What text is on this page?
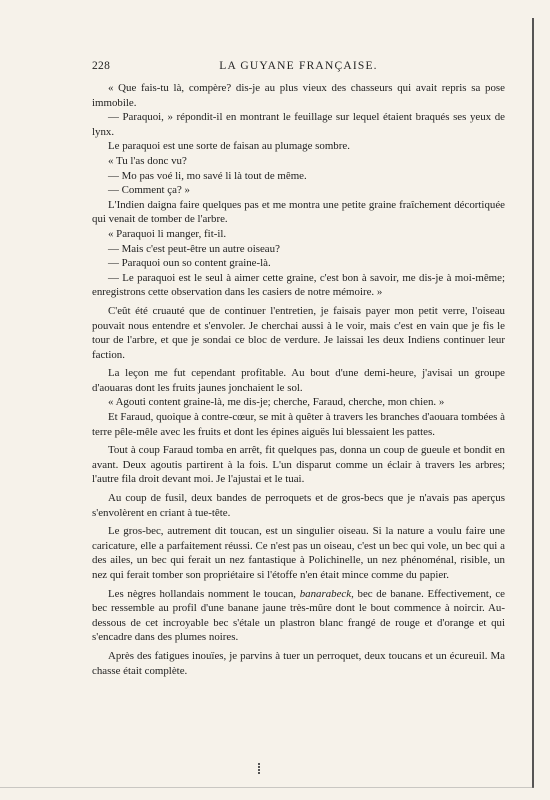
228	LA GUYANE FRANÇAISE.

« Que fais-tu là, compère? dis-je au plus vieux des chasseurs qui avait repris sa pose immobile.

— Paraquoi, » répondit-il en montrant le feuillage sur lequel étaient braqués ses yeux de lynx.

Le paraquoi est une sorte de faisan au plumage sombre.

« Tu l'as donc vu?

— Mo pas voé li, mo savé li là tout de même.

— Comment ça? »

L'Indien daigna faire quelques pas et me montra une petite graine fraîchement décortiquée qui venait de tomber de l'arbre.

« Paraquoi li manger, fit-il.

— Mais c'est peut-être un autre oiseau?

— Paraquoi oun so content graine-là.

— Le paraquoi est le seul à aimer cette graine, c'est bon à savoir, me dis-je à moi-même; enregistrons cette observation dans les casiers de notre mémoire. »

C'eût été cruauté que de continuer l'entretien, je faisais payer mon petit verre, l'oiseau pouvait nous entendre et s'envoler. Je cherchai aussi à le voir, mais c'est en vain que je fis le tour de l'arbre, et que je sondai ce bloc de verdure. Je laissai les deux Indiens continuer leur faction.

La leçon me fut cependant profitable. Au bout d'une demi-heure, j'avisai un groupe d'aouaras dont les fruits jaunes jonchaient le sol.

« Agouti content graine-là, me dis-je; cherche, Faraud, cherche, mon chien. »

Et Faraud, quoique à contre-cœur, se mit à quêter à travers les branches d'aouara tombées à terre pêle-mêle avec les fruits et dont les épines aiguës lui blessaient les pattes.

Tout à coup Faraud tomba en arrêt, fit quelques pas, donna un coup de gueule et bondit en avant. Deux agoutis partirent à la fois. L'un disparut comme un éclair à travers les arbres; l'autre fila droit devant moi. Je l'ajustai et le tuai.

Au coup de fusil, deux bandes de perroquets et de gros-becs que je n'avais pas aperçus s'envolèrent en criant à tue-tête.

Le gros-bec, autrement dit toucan, est un singulier oiseau. Si la nature a voulu faire une caricature, elle a parfaitement réussi. Ce n'est pas un oiseau, c'est un bec qui vole, un bec qui a des ailes, un bec qui ferait un nez fantastique à Polichinelle, un nez phénoménal, risible, un nez qui ferait tomber son propriétaire si l'étoffe n'en était mince comme du papier.

Les nègres hollandais nomment le toucan, banarabeck, bec de banane. Effectivement, ce bec ressemble au profil d'une banane jaune très-mûre dont le bout commence à noircir. Au-dessous de cet incroyable bec s'étale un plastron blanc frangé de rouge et d'orange et qui s'encadre dans des plumes noires.

Après des fatigues inouïes, je parvins à tuer un perroquet, deux toucans et un écureuil. Ma chasse était complète.
